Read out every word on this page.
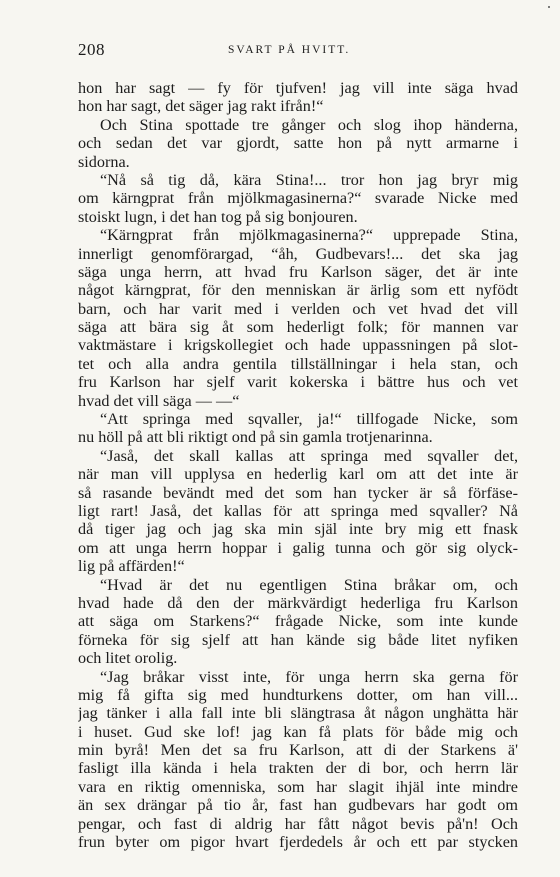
208	SVART PÅ HVITT.
hon har sagt — fy för tjufven! jag vill inte säga hvad
hon har sagt, det säger jag rakt ifrån!“
Och Stina spottade tre gånger och slog ihop händerna,
och sedan det var gjordt, satte hon på nytt armarne i
sidorna.
“Nå så tig då, kära Stina!... tror hon jag bryr mig
om kärngprat från mjölkmagasinerna?“ svarade Nicke med
stoiskt lugn, i det han tog på sig bonjouren.
“Kärngprat från mjölkmagasinerna?“ upprepade Stina,
innerligt genomförargad, “åh, Gudbevars!... det ska jag
säga unga herrn, att hvad fru Karlson säger, det är inte
något kärngprat, för den menniskan är ärlig som ett nyfödt
barn, och har varit med i verlden och vet hvad det vill
säga att bära sig åt som hederligt folk; för mannen var
vaktmästare i krigskollegiet och hade uppassningen på slot-
tet och alla andra gentila tillställningar i hela stan, och
fru Karlson har sjelf varit kokerska i bättre hus och vet
hvad det vill säga — —“
“Att springa med sqvaller, ja!“ tillfogade Nicke, som
nu höll på att bli riktigt ond på sin gamla trotjenarinna.
“Jaså, det skall kallas att springa med sqvaller det,
när man vill upplysa en hederlig karl om att det inte är
så rasande bevändt med det som han tycker är så förfäse-
ligt rart! Jaså, det kallas för att springa med sqvaller? Nå
då tiger jag och jag ska min själ inte bry mig ett fnask
om att unga herrn hoppar i galig tunna och gör sig olyck-
lig på affärden!“
“Hvad är det nu egentligen Stina bråkar om, och
hvad hade då den der märkvärdigt hederliga fru Karlson
att säga om Starkens?“ frågade Nicke, som inte kunde
förneka för sig sjelf att han kände sig både litet nyfiken
och litet orolig.
“Jag bråkar visst inte, för unga herrn ska gerna för
mig få gifta sig med hundturkens dotter, om han vill...
jag tänker i alla fall inte bli slängtrasa åt någon unghätta här
i huset. Gud ske lof! jag kan få plats för både mig och
min byrå! Men det sa fru Karlson, att di der Starkens ä'
fasligt illa kända i hela trakten der di bor, och herrn lär
vara en riktig omenniska, som har slagit ihjäl inte mindre
än sex drängar på tio år, fast han gudbevars har godt om
pengar, och fast di aldrig har fått något bevis på'n! Och
frun byter om pigor hvart fjerdedels år och ett par stycken
